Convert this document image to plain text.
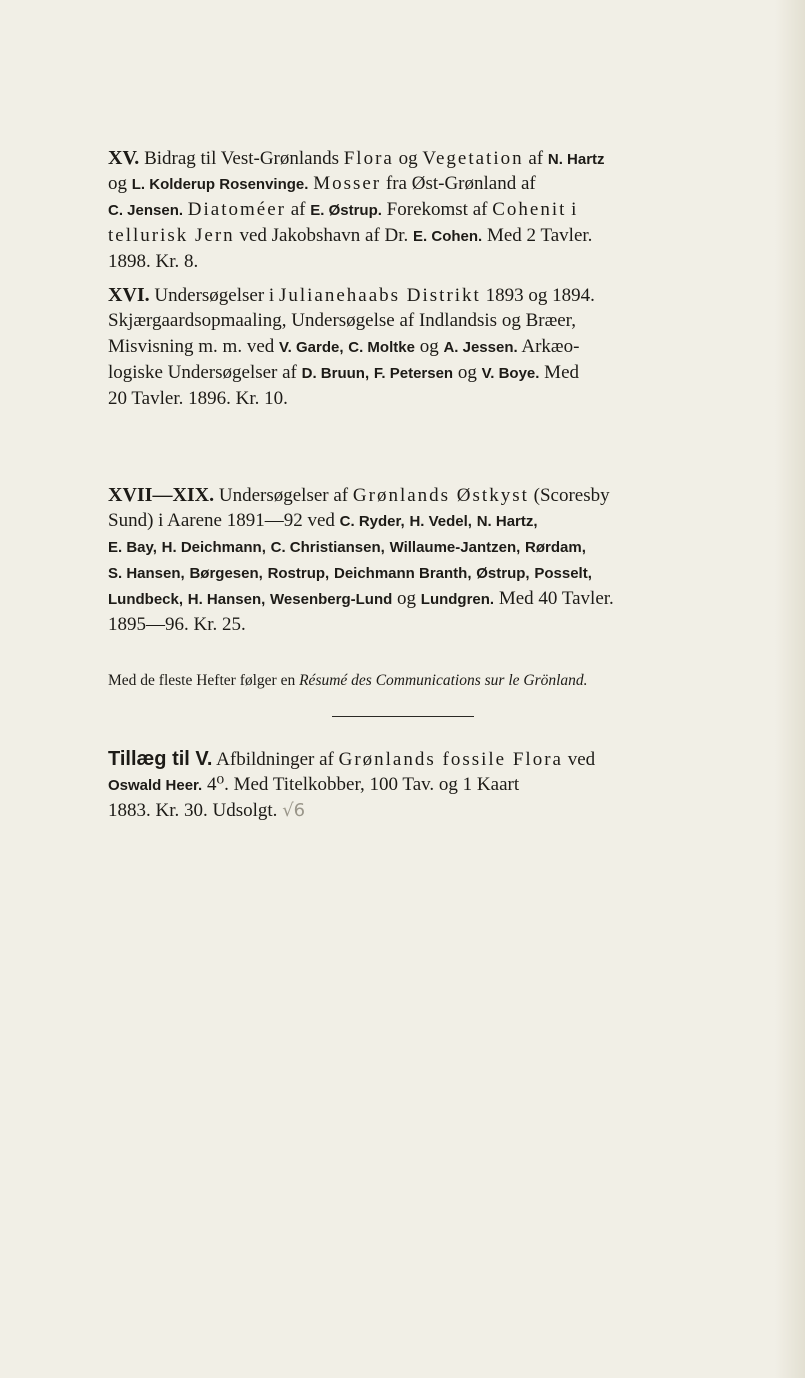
XV. Bidrag til Vest-Grønlands Flora og Vegetation af N. Hartz
og L. Kolderup Rosenvinge. Mosser fra Øst-Grønland af
C. Jensen. Diatoméer af E. Østrup. Forekomst af Cohenit i
tellurisk Jern ved Jakobshavn af Dr. E. Cohen. Med 2 Tavler.
1898. Kr. 8.
XVI. Undersøgelser i Julianehaabs Distrikt 1893 og 1894.
Skjærgaardsopmaaling, Undersøgelse af Indlandsis og Bræer,
Misvisning m. m. ved V. Garde, C. Moltke og A. Jessen. Arkæo-
logiske Undersøgelser af D. Bruun, F. Petersen og V. Boye. Med
20 Tavler. 1896. Kr. 10.
XVII—XIX. Undersøgelser af Grønlands Østkyst (Scoresby
Sund) i Aarene 1891—92 ved C. Ryder, H. Vedel, N. Hartz,
E. Bay, H. Deichmann, C. Christiansen, Willaume-Jantzen, Rørdam,
S. Hansen, Børgesen, Rostrup, Deichmann Branth, Østrup, Posselt,
Lundbeck, H. Hansen, Wesenberg-Lund og Lundgren. Med 40 Tavler.
1895—96. Kr. 25.
Med de fleste Hefter følger en Résumé des Communications sur le Grönland.
Tillæg til V. Afbildninger af Grønlands fossile Flora ved
Oswald Heer. 4⁰. Med Titelkobber, 100 Tav. og 1 Kaart
1883. Kr. 30. Udsolgt. √6
